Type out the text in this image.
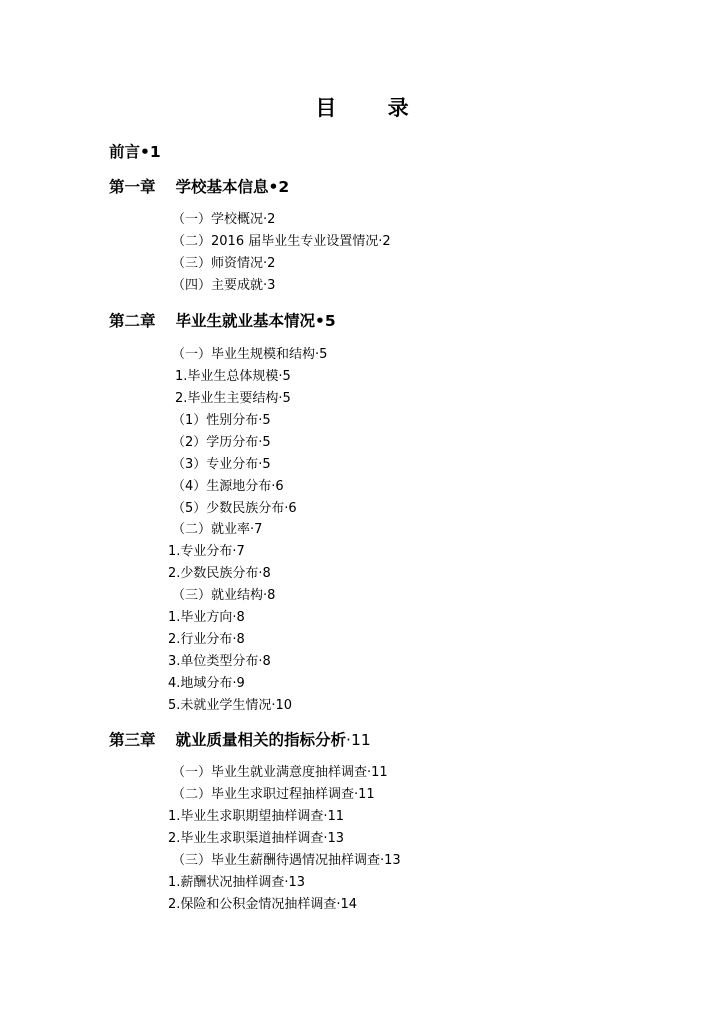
目 录
前言•1
第一章 学校基本信息•2
（一）学校概况·2
（二）2016 届毕业生专业设置情况·2
（三）师资情况·2
（四）主要成就·3
第二章 毕业生就业基本情况•5
（一）毕业生规模和结构·5
1.毕业生总体规模·5
2.毕业生主要结构·5
（1）性别分布·5
（2）学历分布·5
（3）专业分布·5
（4）生源地分布·6
（5）少数民族分布·6
（二）就业率·7
1.专业分布·7
2.少数民族分布·8
（三）就业结构·8
1.毕业方向·8
2.行业分布·8
3.单位类型分布·8
4.地域分布·9
5.未就业学生情况·10
第三章 就业质量相关的指标分析·11
（一）毕业生就业满意度抽样调查·11
（二）毕业生求职过程抽样调查·11
1.毕业生求职期望抽样调查·11
2.毕业生求职渠道抽样调查·13
（三）毕业生薪酬待遇情况抽样调查·13
1.薪酬状况抽样调查·13
2.保险和公积金情况抽样调查·14
